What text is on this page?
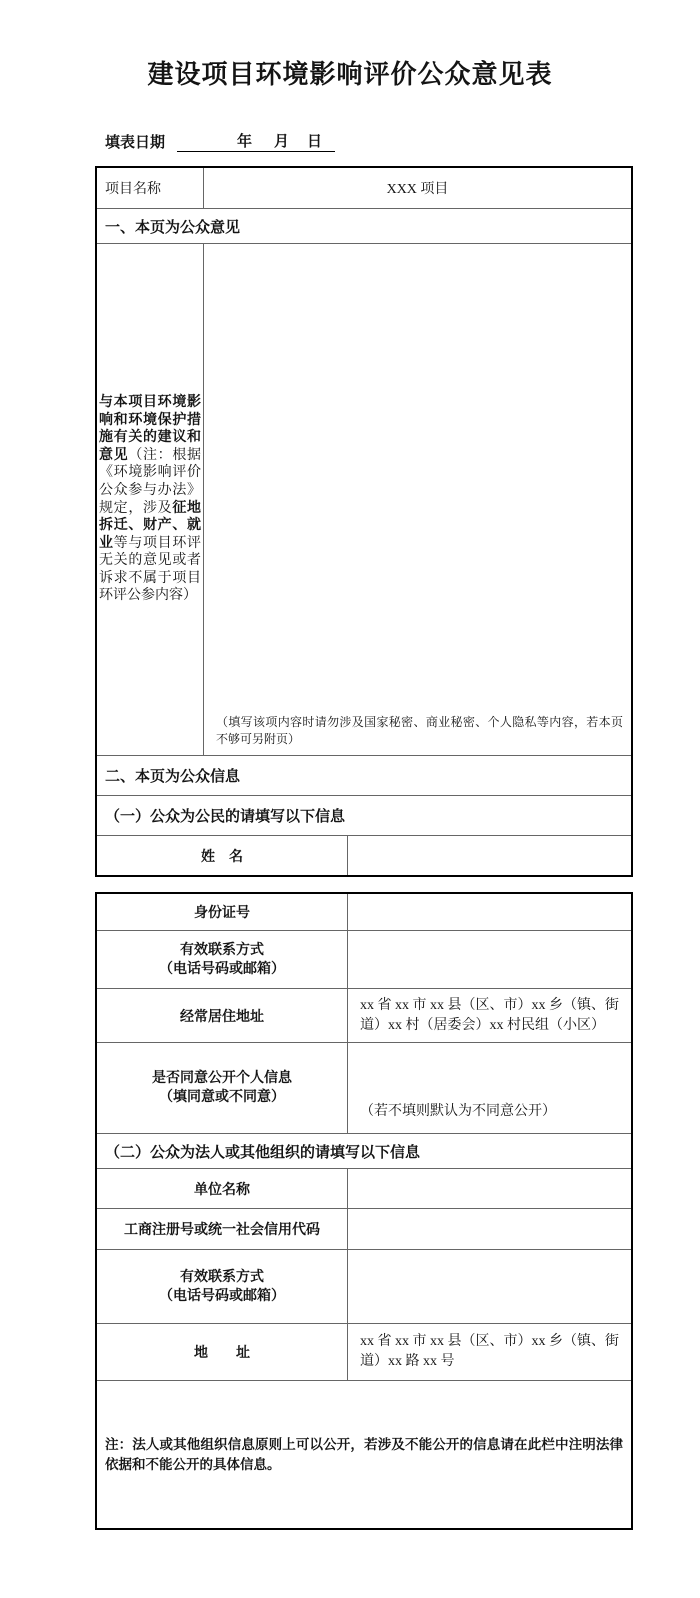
建设项目环境影响评价公众意见表
填表日期	年 月 日
项目名称	XXX 项目
一、本页为公众意见
与本项目环境影响和环境保护措施有关的建议和意见（注：根据《环境影响评价公众参与办法》规定，涉及征地拆迁、财产、就业等与项目环评无关的意见或者诉求不属于项目环评公参内容）
（填写该项内容时请勿涉及国家秘密、商业秘密、个人隐私等内容，若本页不够可另附页）
二、本页为公众信息
（一）公众为公民的请填写以下信息
姓　名
身份证号
有效联系方式
（电话号码或邮箱）
经常居住地址
xx 省 xx 市 xx 县（区、市）xx 乡（镇、街道）xx 村（居委会）xx 村民组（小区）
是否同意公开个人信息
（填同意或不同意）
（若不填则默认为不同意公开）
（二）公众为法人或其他组织的请填写以下信息
单位名称
工商注册号或统一社会信用代码
有效联系方式
（电话号码或邮箱）
地　　址
xx 省 xx 市 xx 县（区、市）xx 乡（镇、街道）xx 路 xx 号
注：法人或其他组织信息原则上可以公开，若涉及不能公开的信息请在此栏中注明法律依据和不能公开的具体信息。
